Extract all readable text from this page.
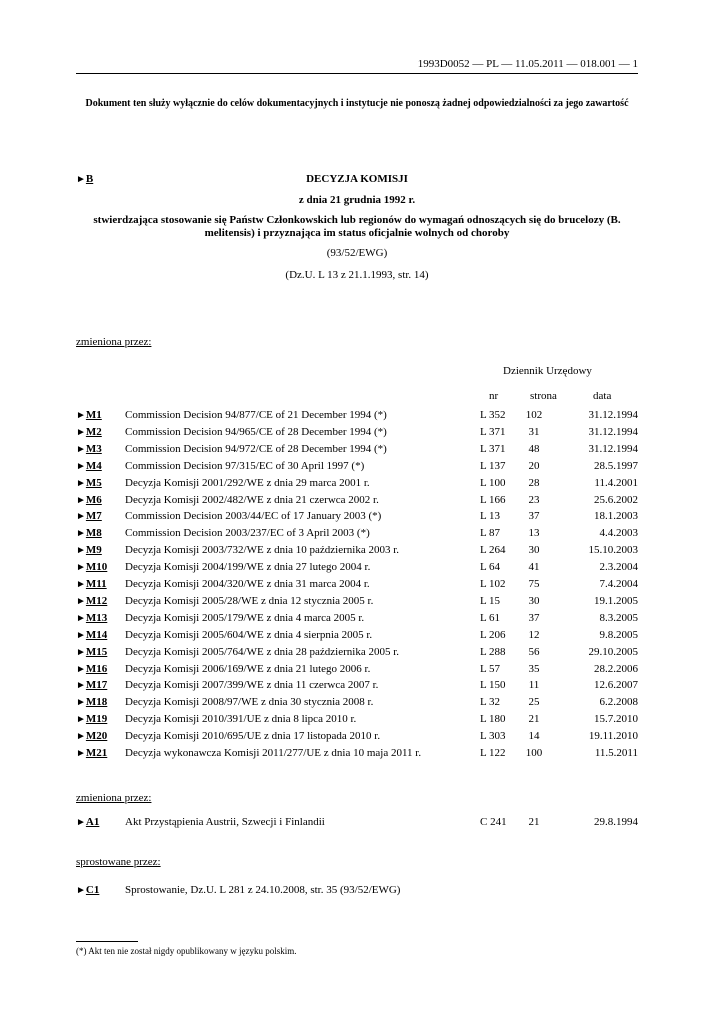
1993D0052 — PL — 11.05.2011 — 018.001 — 1
Dokument ten służy wyłącznie do celów dokumentacyjnych i instytucje nie ponoszą żadnej odpowiedzialności za jego zawartość
►B	DECYZJA KOMISJI
z dnia 21 grudnia 1992 r.
stwierdzająca stosowanie się Państw Członkowskich lub regionów do wymagań odnoszących się do brucelozy (B. melitensis) i przyznająca im status oficjalnie wolnych od choroby
(93/52/EWG)
(Dz.U. L 13 z 21.1.1993, str. 14)
zmieniona przez:
Dziennik Urzędowy
nr	strona	data
►M1 Commission Decision 94/877/CE of 21 December 1994 (*)	L 352	102	31.12.1994
►M2 Commission Decision 94/965/CE of 28 December 1994 (*)	L 371	31	31.12.1994
►M3 Commission Decision 94/972/CE of 28 December 1994 (*)	L 371	48	31.12.1994
►M4 Commission Decision 97/315/EC of 30 April 1997 (*)	L 137	20	28.5.1997
►M5 Decyzja Komisji 2001/292/WE z dnia 29 marca 2001 r.	L 100	28	11.4.2001
►M6 Decyzja Komisji 2002/482/WE z dnia 21 czerwca 2002 r.	L 166	23	25.6.2002
►M7 Commission Decision 2003/44/EC of 17 January 2003 (*)	L 13	37	18.1.2003
►M8 Commission Decision 2003/237/EC of 3 April 2003 (*)	L 87	13	4.4.2003
►M9 Decyzja Komisji 2003/732/WE z dnia 10 października 2003 r.	L 264	30	15.10.2003
►M10 Decyzja Komisji 2004/199/WE z dnia 27 lutego 2004 r.	L 64	41	2.3.2004
►M11 Decyzja Komisji 2004/320/WE z dnia 31 marca 2004 r.	L 102	75	7.4.2004
►M12 Decyzja Komisji 2005/28/WE z dnia 12 stycznia 2005 r.	L 15	30	19.1.2005
►M13 Decyzja Komisji 2005/179/WE z dnia 4 marca 2005 r.	L 61	37	8.3.2005
►M14 Decyzja Komisji 2005/604/WE z dnia 4 sierpnia 2005 r.	L 206	12	9.8.2005
►M15 Decyzja Komisji 2005/764/WE z dnia 28 października 2005 r.	L 288	56	29.10.2005
►M16 Decyzja Komisji 2006/169/WE z dnia 21 lutego 2006 r.	L 57	35	28.2.2006
►M17 Decyzja Komisji 2007/399/WE z dnia 11 czerwca 2007 r.	L 150	11	12.6.2007
►M18 Decyzja Komisji 2008/97/WE z dnia 30 stycznia 2008 r.	L 32	25	6.2.2008
►M19 Decyzja Komisji 2010/391/UE z dnia 8 lipca 2010 r.	L 180	21	15.7.2010
►M20 Decyzja Komisji 2010/695/UE z dnia 17 listopada 2010 r.	L 303	14	19.11.2010
►M21 Decyzja wykonawcza Komisji 2011/277/UE z dnia 10 maja 2011 r.	L 122	100	11.5.2011
zmieniona przez:
►A1 Akt Przystąpienia Austrii, Szwecji i Finlandii	C 241	21	29.8.1994
sprostowane przez:
►C1 Sprostowanie, Dz.U. L 281 z 24.10.2008, str. 35 (93/52/EWG)
(*) Akt ten nie został nigdy opublikowany w języku polskim.
